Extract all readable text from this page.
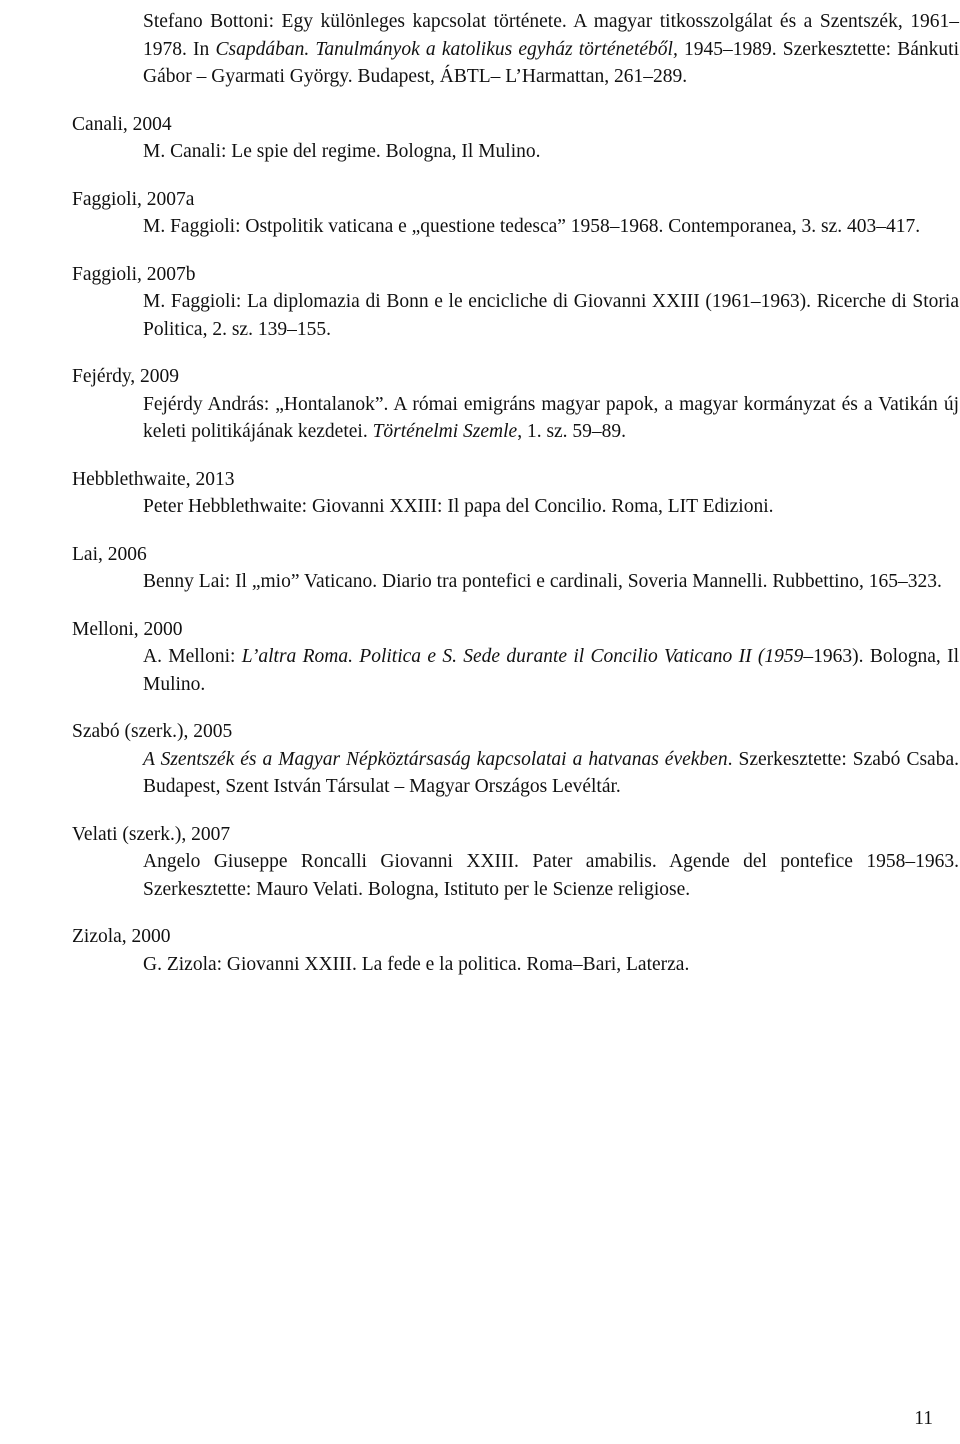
Stefano Bottoni: Egy különleges kapcsolat története. A magyar titkosszolgálat és a Szentszék, 1961–1978. In Csapdában. Tanulmányok a katolikus egyház történetéből, 1945–1989. Szerkesztette: Bánkuti Gábor – Gyarmati György. Budapest, ÁBTL– L’Harmattan, 261–289.

Canali, 2004

M. Canali: Le spie del regime. Bologna, Il Mulino.

Faggioli, 2007a

M. Faggioli: Ostpolitik vaticana e „questione tedesca” 1958–1968. Contemporanea, 3. sz. 403–417.

Faggioli, 2007b

M. Faggioli: La diplomazia di Bonn e le encicliche di Giovanni XXIII (1961–1963). Ricerche di Storia Politica, 2. sz. 139–155.

Fejérdy, 2009

Fejérdy András: „Hontalanok”. A római emigráns magyar papok, a magyar kormányzat és a Vatikán új keleti politikájának kezdetei. Történelmi Szemle, 1. sz. 59–89.

Hebblethwaite, 2013

Peter Hebblethwaite: Giovanni XXIII: Il papa del Concilio. Roma, LIT Edizioni.

Lai, 2006

Benny Lai: Il „mio” Vaticano. Diario tra pontefici e cardinali, Soveria Mannelli. Rubbettino, 165–323.

Melloni, 2000

A. Melloni: L’altra Roma. Politica e S. Sede durante il Concilio Vaticano II (1959–1963). Bologna, Il Mulino.

Szabó (szerk.), 2005

A Szentszék és a Magyar Népköztársaság kapcsolatai a hatvanas években. Szerkesztette: Szabó Csaba. Budapest, Szent István Társulat – Magyar Országos Levéltár.

Velati (szerk.), 2007

Angelo Giuseppe Roncalli Giovanni XXIII. Pater amabilis. Agende del pontefice 1958–1963. Szerkesztette: Mauro Velati. Bologna, Istituto per le Scienze religiose.

Zizola, 2000

G. Zizola: Giovanni XXIII. La fede e la politica. Roma–Bari, Laterza.

11
